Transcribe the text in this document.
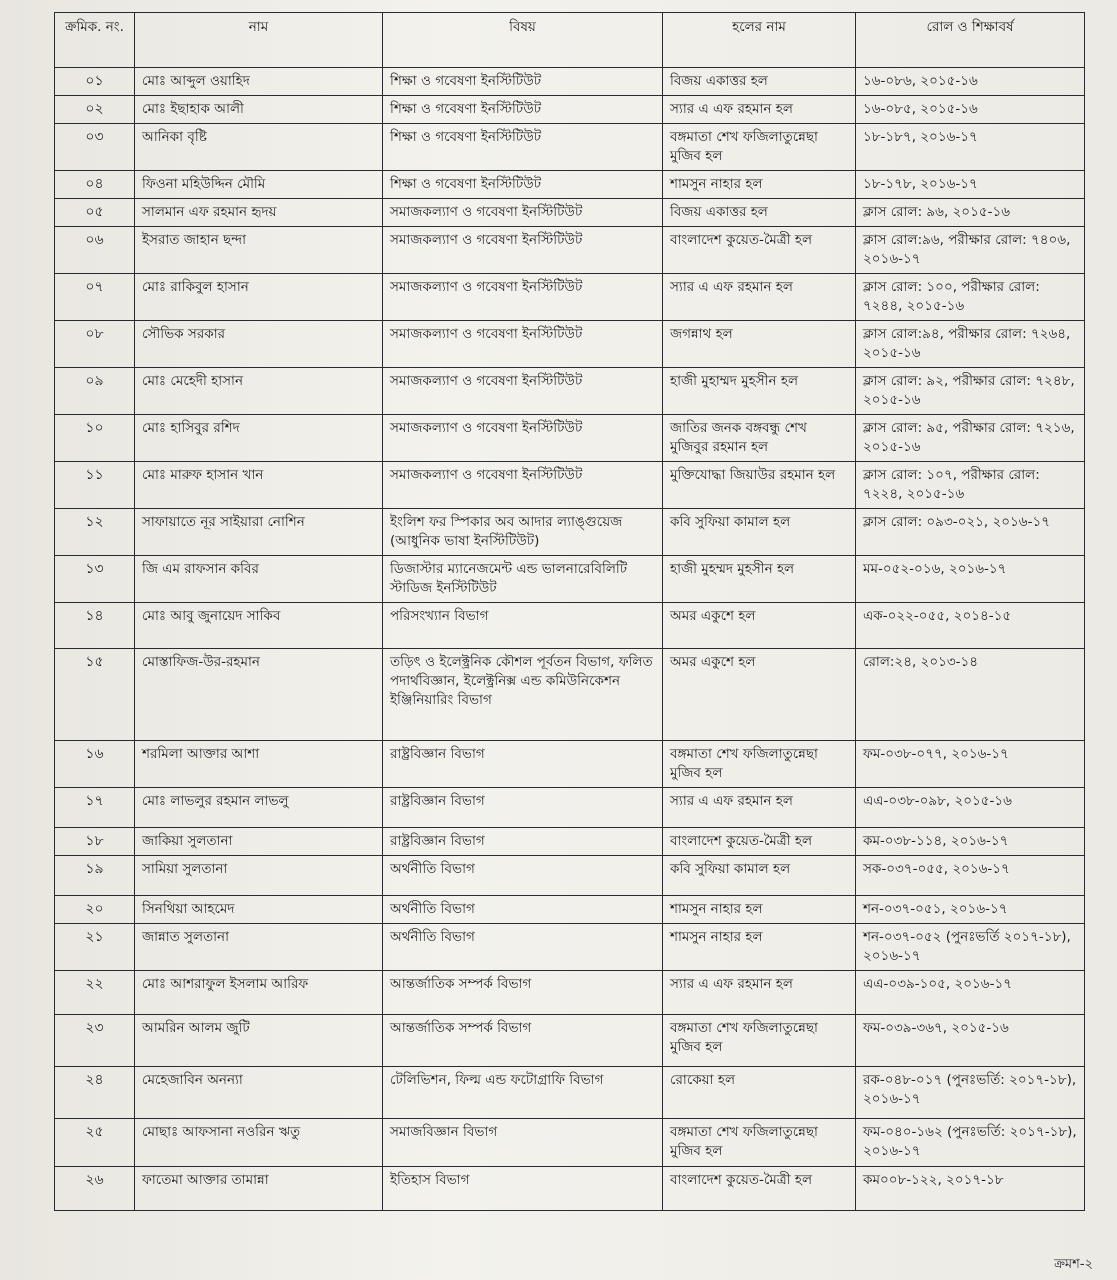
ক্রমিক. নং.	নাম	বিষয়	হলের নাম	রোল ও শিক্ষাবর্ষ
০১	মোঃ আব্দুল ওয়াহিদ	শিক্ষা ও গবেষণা ইনস্টিটিউট	বিজয় একাত্তর হল	১৬-০৮৬, ২০১৫-১৬
০২	মোঃ ইছাহাক আলী	শিক্ষা ও গবেষণা ইনস্টিটিউট	স্যার এ এফ রহমান হল	১৬-০৮৫, ২০১৫-১৬
০৩	আনিকা বৃষ্টি	শিক্ষা ও গবেষণা ইনস্টিটিউট	বঙ্গমাতা শেখ ফজিলাতুন্নেছা মুজিব হল	১৮-১৮৭, ২০১৬-১৭
০৪	ফিওনা মহিউদ্দিন মৌমি	শিক্ষা ও গবেষণা ইনস্টিটিউট	শামসুন নাহার হল	১৮-১৭৮, ২০১৬-১৭
০৫	সালমান এফ রহমান হৃদয়	সমাজকল্যাণ ও গবেষণা ইনস্টিটিউট	বিজয় একাত্তর হল	ক্লাস রোল: ৯৬, ২০১৫-১৬
০৬	ইসরাত জাহান ছন্দা	সমাজকল্যাণ ও গবেষণা ইনস্টিটিউট	বাংলাদেশ কুয়েত-মৈত্রী হল	ক্লাস রোল:৯৬, পরীক্ষার রোল: ৭৪০৬, ২০১৬-১৭
০৭	মোঃ রাকিবুল হাসান	সমাজকল্যাণ ও গবেষণা ইনস্টিটিউট	স্যার এ এফ রহমান হল	ক্লাস রোল: ১০০, পরীক্ষার রোল: ৭২৪৪, ২০১৫-১৬
০৮	সৌভিক সরকার	সমাজকল্যাণ ও গবেষণা ইনস্টিটিউট	জগন্নাথ হল	ক্লাস রোল:৯৪, পরীক্ষার রোল: ৭২৬৪, ২০১৫-১৬
০৯	মোঃ মেহেদী হাসান	সমাজকল্যাণ ও গবেষণা ইনস্টিটিউট	হাজী মুহাম্মদ মুহসীন হল	ক্লাস রোল: ৯২, পরীক্ষার রোল: ৭২৪৮, ২০১৫-১৬
১০	মোঃ হাসিবুর রশিদ	সমাজকল্যাণ ও গবেষণা ইনস্টিটিউট	জাতির জনক বঙ্গবন্ধু শেখ মুজিবুর রহমান হল	ক্লাস রোল: ৯৫, পরীক্ষার রোল: ৭২১৬, ২০১৫-১৬
১১	মোঃ মারুফ হাসান খান	সমাজকল্যাণ ও গবেষণা ইনস্টিটিউট	মুক্তিযোদ্ধা জিয়াউর রহমান হল	ক্লাস রোল: ১০৭, পরীক্ষার রোল: ৭২২৪, ২০১৫-১৬
১২	সাফায়াতে নূর সাইয়ারা নোশিন	ইংলিশ ফর স্পিকার অব আদার ল্যাঙ্গুয়েজ (আধুনিক ভাষা ইনস্টিটিউট)	কবি সুফিয়া কামাল হল	ক্লাস রোল: ০৯৩-০২১, ২০১৬-১৭
১৩	জি এম রাফসান কবির	ডিজাস্টার ম্যানেজমেন্ট এন্ড ভালনারেবিলিটি স্টাডিজ ইনস্টিটিউট	হাজী মুহম্মদ মুহসীন হল	মম-০৫২-০১৬, ২০১৬-১৭
১৪	মোঃ আবু জুনায়েদ সাকিব	পরিসংখ্যান বিভাগ	অমর একুশে হল	এক-০২২-০৫৫, ২০১৪-১৫
১৫	মোস্তাফিজ-উর-রহমান	তড়িৎ ও ইলেক্ট্রনিক কৌশল পূর্বতন বিভাগ, ফলিত পদার্থবিজ্ঞান, ইলেক্ট্রনিক্স এন্ড কমিউনিকেশন ইঞ্জিনিয়ারিং বিভাগ	অমর একুশে হল	রোল:২৪, ২০১৩-১৪
১৬	শরমিলা আক্তার আশা	রাষ্ট্রবিজ্ঞান বিভাগ	বঙ্গমাতা শেখ ফজিলাতুন্নেছা মুজিব হল	ফম-০৩৮-০৭৭, ২০১৬-১৭
১৭	মোঃ লাভলুর রহমান লাভলু	রাষ্ট্রবিজ্ঞান বিভাগ	স্যার এ এফ রহমান হল	এএ-০৩৮-০৯৮, ২০১৫-১৬
১৮	জাকিয়া সুলতানা	রাষ্ট্রবিজ্ঞান বিভাগ	বাংলাদেশ কুয়েত-মৈত্রী হল	কম-০৩৮-১১৪, ২০১৬-১৭
১৯	সামিয়া সুলতানা	অর্থনীতি বিভাগ	কবি সুফিয়া কামাল হল	সক-০৩৭-০৫৫, ২০১৬-১৭
২০	সিনথিয়া আহমেদ	অর্থনীতি বিভাগ	শামসুন নাহার হল	শন-০৩৭-০৫১, ২০১৬-১৭
২১	জান্নাত সুলতানা	অর্থনীতি বিভাগ	শামসুন নাহার হল	শন-০৩৭-০৫২ (পুনঃভর্তি ২০১৭-১৮), ২০১৬-১৭
২২	মোঃ আশরাফুল ইসলাম আরিফ	আন্তর্জাতিক সম্পর্ক বিভাগ	স্যার এ এফ রহমান হল	এএ-০৩৯-১০৫, ২০১৬-১৭
২৩	আমরিন আলম জুটি	আন্তর্জাতিক সম্পর্ক বিভাগ	বঙ্গমাতা শেখ ফজিলাতুন্নেছা মুজিব হল	ফম-০৩৯-৩৬৭, ২০১৫-১৬
২৪	মেহেজাবিন অনন্যা	টেলিভিশন, ফিল্ম এন্ড ফটোগ্রাফি বিভাগ	রোকেয়া হল	রক-০৪৮-০১৭ (পুনঃভর্তি: ২০১৭-১৮), ২০১৬-১৭
২৫	মোছাঃ আফসানা নওরিন ঋতু	সমাজবিজ্ঞান বিভাগ	বঙ্গমাতা শেখ ফজিলাতুন্নেছা মুজিব হল	ফম-০৪০-১৬২ (পুনঃভর্তি: ২০১৭-১৮), ২০১৬-১৭
২৬	ফাতেমা আক্তার তামান্না	ইতিহাস বিভাগ	বাংলাদেশ কুয়েত-মৈত্রী হল	কম০০৮-১২২, ২০১৭-১৮
ক্রমশ-২
